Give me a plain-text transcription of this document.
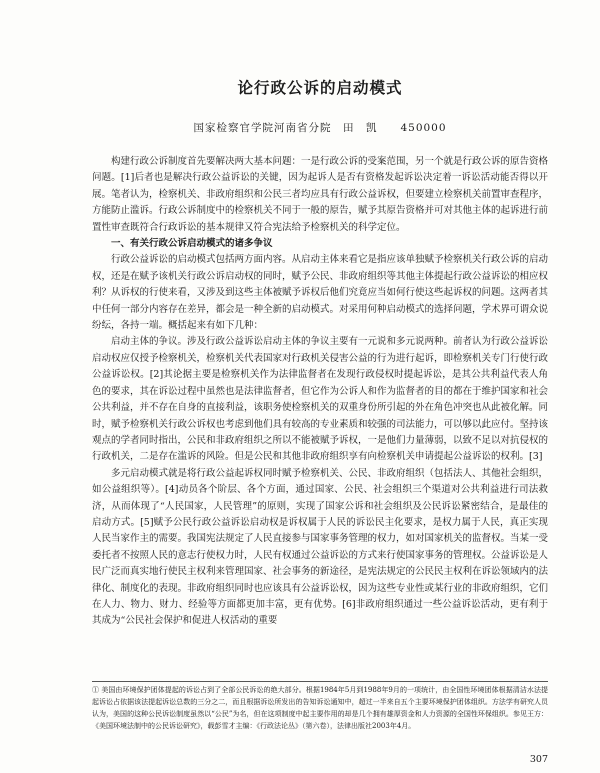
论行政公诉的启动模式
国家检察官学院河南省分院　田　凯　　450000

构建行政公诉制度首先要解决两大基本问题：一是行政公诉的受案范围，另一个就是行政公诉的原告资格问题。[1]后者也是解决行政公益诉讼的关键，因为起诉人是否有资格发起诉讼决定着一诉讼活动能否得以开展。笔者认为，检察机关、非政府组织和公民三者均应具有行政公益诉权，但要建立检察机关前置审查程序，方能防止滥诉。行政公诉制度中的检察机关不同于一般的原告，赋予其原告资格并可对其他主体的起诉进行前置性审查既符合行政诉讼的基本规律又符合宪法给予检察机关的科学定位。

一、有关行政公诉启动模式的诸多争议

行政公益诉讼的启动模式包括两方面内容。从启动主体来看它是指应该单独赋予检察机关行政公诉的启动权，还是在赋予该机关行政公诉启动权的同时，赋予公民、非政府组织等其他主体提起行政公益诉讼的相应权利？从诉权的行使来看，又涉及到这些主体被赋予诉权后他们究竟应当如何行使这些起诉权的问题。这两者其中任何一部分内容存在差异，都会是一种全新的启动模式。对采用何种启动模式的选择问题，学术界可谓众说纷纭，各持一端。概括起来有如下几种：

启动主体的争议。涉及行政公益诉讼启动主体的争议主要有一元说和多元说两种。前者认为行政公益诉讼启动权应仅授予检察机关，检察机关代表国家对行政机关侵害公益的行为进行起诉，即检察机关专门行使行政公益诉讼权。[2]其论据主要是检察机关作为法律监督者在发现行政侵权时提起诉讼，是其公共利益代表人角色的要求，其在诉讼过程中虽然也是法律监督者，但它作为公诉人和作为监督者的目的都在于维护国家和社会公共利益，并不存在自身的直接利益，该职务使检察机关的双重身份所引起的外在角色冲突也从此被化解。同时，赋予检察机关行政公诉权也考虑到他们具有较高的专业素质和较强的司法能力，可以够以此应付。坚持该观点的学者同时指出，公民和非政府组织之所以不能被赋予诉权，一是他们力量薄弱，以致不足以对抗侵权的行政机关，二是存在滥诉的风险。但是公民和其他非政府组织享有向检察机关申请提起公益诉讼的权利。[3]

多元启动模式就是将行政公益起诉权同时赋予检察机关、公民、非政府组织（包括法人、其他社会组织，如公益组织等）。[4]动员各个阶层、各个方面，通过国家、公民、社会组织三个渠道对公共利益进行司法救济，从而体现了“人民国家，人民管理”的原则，实现了国家公诉和社会组织及公民诉讼紧密结合，是最佳的启动方式。[5]赋予公民行政公益诉讼启动权是诉权属于人民的诉讼民主化要求，是权力属于人民，真正实现人民当家作主的需要。我国宪法规定了人民直接参与国家事务管理的权力，如对国家机关的监督权。当某一受委托者不按照人民的意志行使权力时，人民有权通过公益诉讼的方式来行使国家事务的管理权。公益诉讼是人民广泛而真实地行使民主权利来管理国家、社会事务的新途径，是宪法规定的公民民主权利在诉讼领域内的法律化、制度化的表现。非政府组织同时也应该具有公益诉讼权，因为这些专业性或某行业的非政府组织，它们在人力、物力、财力、经验等方面都更加丰富，更有优势。[6]非政府组织通过一些公益诉讼活动，更有利于其成为“公民社会保护和促进人权活动的重要

① 美国由环境保护团体提起的诉讼占到了全部公民诉讼的绝大部分。根据1984年5月到1988年9月的一项统计，由全国性环境团体根据清洁水法提起诉讼占依据该法提起诉讼总数的三分之二，而且根据诉讼所发出的告知诉讼通知中，超过一半来自五个主要环境保护团体组织。方法学有研究人员认为，美国的这种公民诉讼制度虽然以“公民”为名，但在这项制度中起主要作用的却是几个拥有雄厚资金和人力资源的全国性环保组织。参见王方：《美国环境法制中的公民诉讼研究》，载彭雪才主编：《行政法论丛》（第六卷），法律出版社2003年4月。
307
